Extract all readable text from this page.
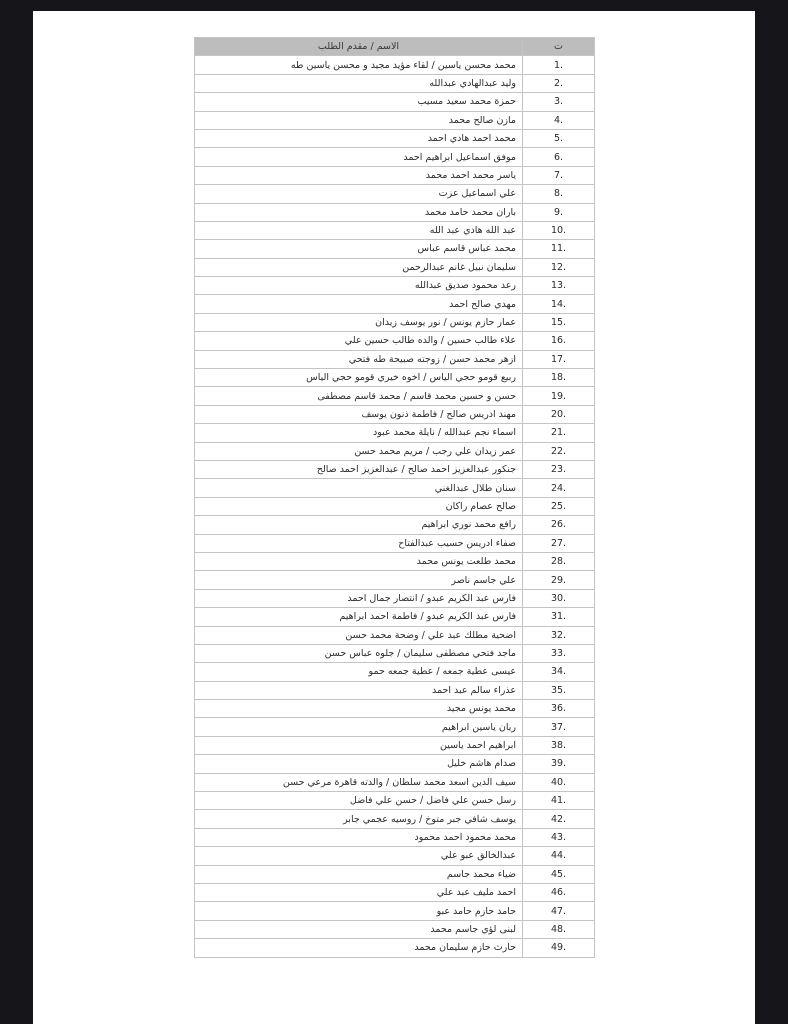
ت	الاسم / مقدم الطلب
.1	محمد محسن ياسين / لقاء مؤيد مجيد و محسن ياسين طه
.2	وليد عبدالهادي عبدالله
.3	حمزة محمد سعيد مسيب
.4	مازن صالح محمد
.5	محمد احمد هادي احمد
.6	موفق اسماعيل ابراهيم احمد
.7	ياسر محمد احمد محمد
.8	علي اسماعيل عزت
.9	باران محمد حامد محمد
.10	عبد الله هادي عبد الله
.11	محمد عباس قاسم عباس
.12	سليمان نبيل غانم عبدالرحمن
.13	رعد محمود صديق عبدالله
.14	مهدي صالح احمد
.15	عمار حازم يونس / نور يوسف زيدان
.16	علاء طالب حسين / والده طالب حسين علي
.17	ازهر محمد حسن / زوجته صبيحة طه فتحي
.18	ربيع قومو حجي الياس / اخوه خيري قومو حجي الياس
.19	حسن و حسين محمد قاسم / محمد قاسم مصطفى
.20	مهند ادريس صالح / فاطمة ذنون يوسف
.21	اسماء نجم عبدالله / نايلة محمد عبود
.22	عمر زيدان علي رجب / مريم محمد حسن
.23	جنكور عبدالعزيز احمد صالح / عبدالعزيز احمد صالح
.24	سنان طلال عبدالغني
.25	صالح عصام راكان
.26	رافع محمد نوري ابراهيم
.27	صفاء ادريس حسيب عبدالفتاح
.28	محمد طلعت يونس محمد
.29	علي جاسم ناصر
.30	فارس عبد الكريم عبدو / انتصار جمال احمد
.31	فارس عبد الكريم عبدو / فاطمة احمد ابراهيم
.32	اضحية مطلك عبد علي / وضحة محمد حسن
.33	ماجد فتحي مصطفى سليمان / جلوه عباس حسن
.34	عيسى عطية جمعه / عطية جمعه حمو
.35	عذراء سالم عبد احمد
.36	محمد يونس مجيد
.37	ريان ياسين ابراهيم
.38	ابراهيم احمد ياسين
.39	صدام هاشم خليل
.40	سيف الدين اسعد محمد سلطان / والدته قاهرة مرعي حسن
.41	رسل حسن علي فاضل / حسن علي فاضل
.42	يوسف شافي جبر متوخ / روسيه عجمي جابر
.43	محمد محمود احمد محمود
.44	عبدالخالق عبو علي
.45	ضياء محمد جاسم
.46	احمد مليف عبد علي
.47	حامد حازم حامد عبو
.48	لبنى لؤي جاسم محمد
.49	حارث حازم سليمان محمد
